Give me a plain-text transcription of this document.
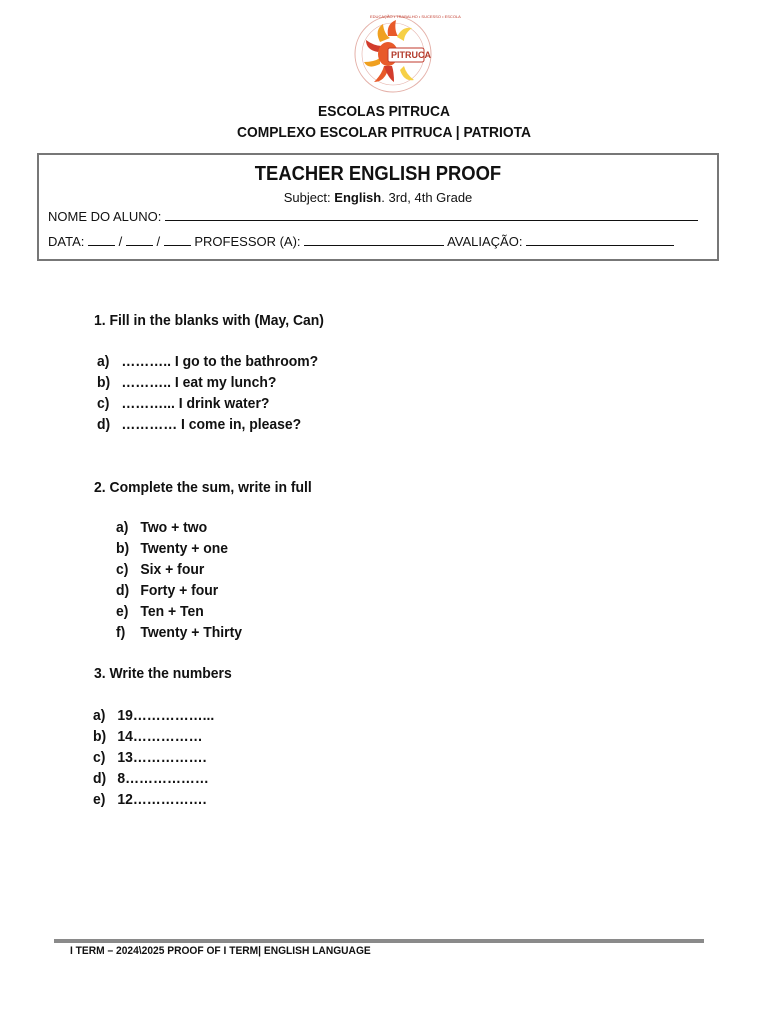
PITRUCA
EDUCAÇÃO • TRABALHO • SUCESSO • ESCOLA
ESCOLAS PITRUCA
COMPLEXO ESCOLAR PITRUCA | PATRIOTA
TEACHER ENGLISH PROOF
Subject: English. 3rd, 4th Grade
NOME DO ALUNO:
DATA:	/	/	PROFESSOR (A):	AVALIAÇÃO:
1. Fill in the blanks with (May, Can)
a) ……….. I go to the bathroom?
b) ……….. I eat my lunch?
c) ………... I drink water?
d) ………… I come in, please?
2. Complete the sum, write in full
a) Two + two
b) Twenty + one
c) Six + four
d) Forty + four
e) Ten + Ten
f) Twenty + Thirty
3. Write the numbers
a) 19……………...
b) 14……………
c) 13…………….
d) 8………………
e) 12…………….
I TERM – 2024\2025 PROOF OF I TERM| ENGLISH LANGUAGE
